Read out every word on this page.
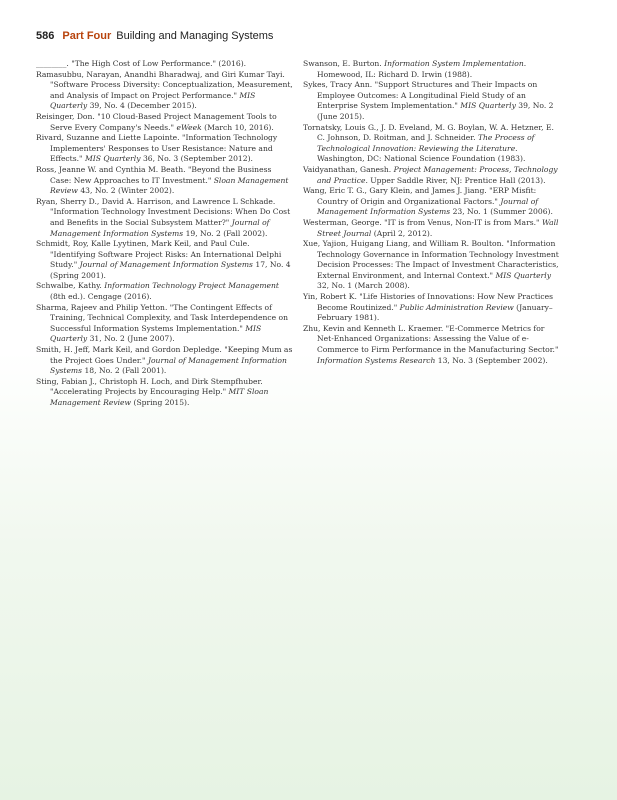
586 Part Four Building and Managing Systems

________. "The High Cost of Low Performance." (2016).

Ramasubbu, Narayan, Anandhi Bharadwaj, and Giri Kumar Tayi. "Software Process Diversity: Conceptualization, Measurement, and Analysis of Impact on Project Performance." MIS Quarterly 39, No. 4 (December 2015).

Reisinger, Don. "10 Cloud-Based Project Management Tools to Serve Every Company's Needs." eWeek (March 10, 2016).

Rivard, Suzanne and Liette Lapointe. "Information Technology Implementers' Responses to User Resistance: Nature and Effects." MIS Quarterly 36, No. 3 (September 2012).

Ross, Jeanne W. and Cynthia M. Beath. "Beyond the Business Case: New Approaches to IT Investment." Sloan Management Review 43, No. 2 (Winter 2002).

Ryan, Sherry D., David A. Harrison, and Lawrence L Schkade. "Information Technology Investment Decisions: When Do Cost and Benefits in the Social Subsystem Matter?" Journal of Management Information Systems 19, No. 2 (Fall 2002).

Schmidt, Roy, Kalle Lyytinen, Mark Keil, and Paul Cule. "Identifying Software Project Risks: An International Delphi Study." Journal of Management Information Systems 17, No. 4 (Spring 2001).

Schwalbe, Kathy. Information Technology Project Management (8th ed.). Cengage (2016).

Sharma, Rajeev and Philip Yetton. "The Contingent Effects of Training, Technical Complexity, and Task Interdependence on Successful Information Systems Implementation." MIS Quarterly 31, No. 2 (June 2007).

Smith, H. Jeff, Mark Keil, and Gordon Depledge. "Keeping Mum as the Project Goes Under." Journal of Management Information Systems 18, No. 2 (Fall 2001).

Sting, Fabian J., Christoph H. Loch, and Dirk Stempfhuber. "Accelerating Projects by Encouraging Help." MIT Sloan Management Review (Spring 2015).

Swanson, E. Burton. Information System Implementation. Homewood, IL: Richard D. Irwin (1988).

Sykes, Tracy Ann. "Support Structures and Their Impacts on Employee Outcomes: A Longitudinal Field Study of an Enterprise System Implementation." MIS Quarterly 39, No. 2 (June 2015).

Tornatsky, Louis G., J. D. Eveland, M. G. Boylan, W. A. Hetzner, E. C. Johnson, D. Roitman, and J. Schneider. The Process of Technological Innovation: Reviewing the Literature. Washington, DC: National Science Foundation (1983).

Vaidyanathan, Ganesh. Project Management: Process, Technology and Practice. Upper Saddle River, NJ: Prentice Hall (2013).

Wang, Eric T. G., Gary Klein, and James J. Jiang. "ERP Misfit: Country of Origin and Organizational Factors." Journal of Management Information Systems 23, No. 1 (Summer 2006).

Westerman, George. "IT is from Venus, Non-IT is from Mars." Wall Street Journal (April 2, 2012).

Xue, Yajion, Huigang Liang, and William R. Boulton. "Information Technology Governance in Information Technology Investment Decision Processes: The Impact of Investment Characteristics, External Environment, and Internal Context." MIS Quarterly 32, No. 1 (March 2008).

Yin, Robert K. "Life Histories of Innovations: How New Practices Become Routinized." Public Administration Review (January–February 1981).

Zhu, Kevin and Kenneth L. Kraemer. "E-Commerce Metrics for Net-Enhanced Organizations: Assessing the Value of e-Commerce to Firm Performance in the Manufacturing Sector." Information Systems Research 13, No. 3 (September 2002).
